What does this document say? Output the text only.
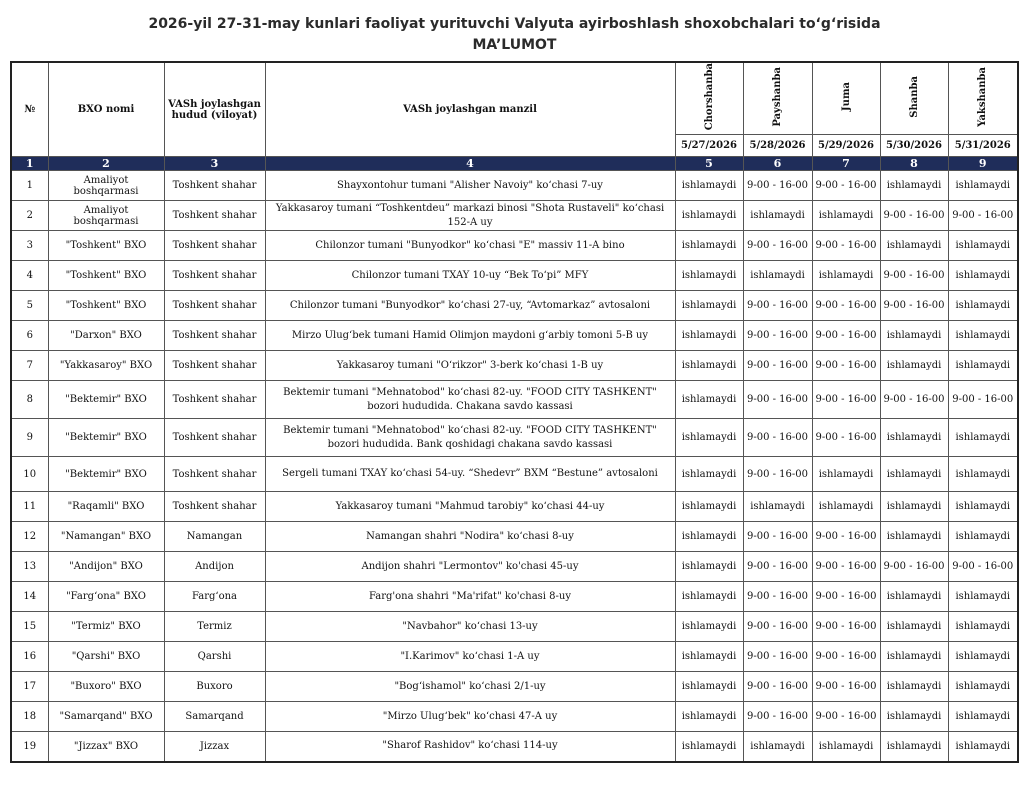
2026-yil 27-31-may kunlari faoliyat yurituvchi Valyuta ayirboshlash shoxobchalari to‘g‘risida
MA’LUMOT
№	BXO nomi	VASh joylashgan hudud (viloyat)	VASh joylashgan manzil	Chorshanba	Payshanba	Juma	Shanba	Yakshanba
				5/27/2026	5/28/2026	5/29/2026	5/30/2026	5/31/2026
1	2	3	4	5	6	7	8	9
1	Amaliyot boshqarmasi	Toshkent shahar	Shayxontohur tumani "Alisher Navoiy" ko‘chasi 7-uy	ishlamaydi	9-00 - 16-00	9-00 - 16-00	ishlamaydi	ishlamaydi
2	Amaliyot boshqarmasi	Toshkent shahar	Yakkasaroy tumani “Toshkentdeu” markazi binosi "Shota Rustaveli" ko‘chasi 152-A uy	ishlamaydi	ishlamaydi	ishlamaydi	9-00 - 16-00	9-00 - 16-00
3	"Toshkent" BXO	Toshkent shahar	Chilonzor tumani "Bunyodkor" ko‘chasi "E" massiv 11-A bino	ishlamaydi	9-00 - 16-00	9-00 - 16-00	ishlamaydi	ishlamaydi
4	"Toshkent" BXO	Toshkent shahar	Chilonzor tumani TXAY 10-uy “Bek To‘pi” MFY	ishlamaydi	ishlamaydi	ishlamaydi	9-00 - 16-00	ishlamaydi
5	"Toshkent" BXO	Toshkent shahar	Chilonzor tumani "Bunyodkor" ko‘chasi 27-uy, “Avtomarkaz” avtosaloni	ishlamaydi	9-00 - 16-00	9-00 - 16-00	9-00 - 16-00	ishlamaydi
6	"Darxon" BXO	Toshkent shahar	Mirzo Ulug‘bek tumani Hamid Olimjon maydoni g‘arbiy tomoni 5-B uy	ishlamaydi	9-00 - 16-00	9-00 - 16-00	ishlamaydi	ishlamaydi
7	"Yakkasaroy" BXO	Toshkent shahar	Yakkasaroy tumani "O‘rikzor" 3-berk ko‘chasi 1-B uy	ishlamaydi	9-00 - 16-00	9-00 - 16-00	ishlamaydi	ishlamaydi
8	"Bektemir" BXO	Toshkent shahar	Bektemir tumani "Mehnatobod" ko‘chasi 82-uy. "FOOD CITY TASHKENT" bozori hududida. Chakana savdo kassasi	ishlamaydi	9-00 - 16-00	9-00 - 16-00	9-00 - 16-00	9-00 - 16-00
9	"Bektemir" BXO	Toshkent shahar	Bektemir tumani "Mehnatobod" ko‘chasi 82-uy. "FOOD CITY TASHKENT" bozori hududida. Bank qoshidagi chakana savdo kassasi	ishlamaydi	9-00 - 16-00	9-00 - 16-00	ishlamaydi	ishlamaydi
10	"Bektemir" BXO	Toshkent shahar	Sergeli tumani TXAY ko‘chasi 54-uy. “Shedevr” BXM “Bestune” avtosaloni	ishlamaydi	9-00 - 16-00	ishlamaydi	ishlamaydi	ishlamaydi
11	"Raqamli" BXO	Toshkent shahar	Yakkasaroy tumani "Mahmud tarobiy" ko‘chasi 44-uy	ishlamaydi	ishlamaydi	ishlamaydi	ishlamaydi	ishlamaydi
12	"Namangan" BXO	Namangan	Namangan shahri "Nodira" ko‘chasi 8-uy	ishlamaydi	9-00 - 16-00	9-00 - 16-00	ishlamaydi	ishlamaydi
13	"Andijon" BXO	Andijon	Andijon shahri "Lermontov" ko'chasi 45-uy	ishlamaydi	9-00 - 16-00	9-00 - 16-00	9-00 - 16-00	9-00 - 16-00
14	"Farg‘ona" BXO	Farg‘ona	Farg'ona shahri "Ma'rifat" ko'chasi 8-uy	ishlamaydi	9-00 - 16-00	9-00 - 16-00	ishlamaydi	ishlamaydi
15	"Termiz" BXO	Termiz	"Navbahor" ko‘chasi 13-uy	ishlamaydi	9-00 - 16-00	9-00 - 16-00	ishlamaydi	ishlamaydi
16	"Qarshi" BXO	Qarshi	"I.Karimov" ko‘chasi 1-A uy	ishlamaydi	9-00 - 16-00	9-00 - 16-00	ishlamaydi	ishlamaydi
17	"Buxoro" BXO	Buxoro	"Bog‘ishamol" ko‘chasi 2/1-uy	ishlamaydi	9-00 - 16-00	9-00 - 16-00	ishlamaydi	ishlamaydi
18	"Samarqand" BXO	Samarqand	"Mirzo Ulug‘bek" ko‘chasi 47-A uy	ishlamaydi	9-00 - 16-00	9-00 - 16-00	ishlamaydi	ishlamaydi
19	"Jizzax" BXO	Jizzax	"Sharof Rashidov" ko‘chasi 114-uy	ishlamaydi	ishlamaydi	ishlamaydi	ishlamaydi	ishlamaydi
